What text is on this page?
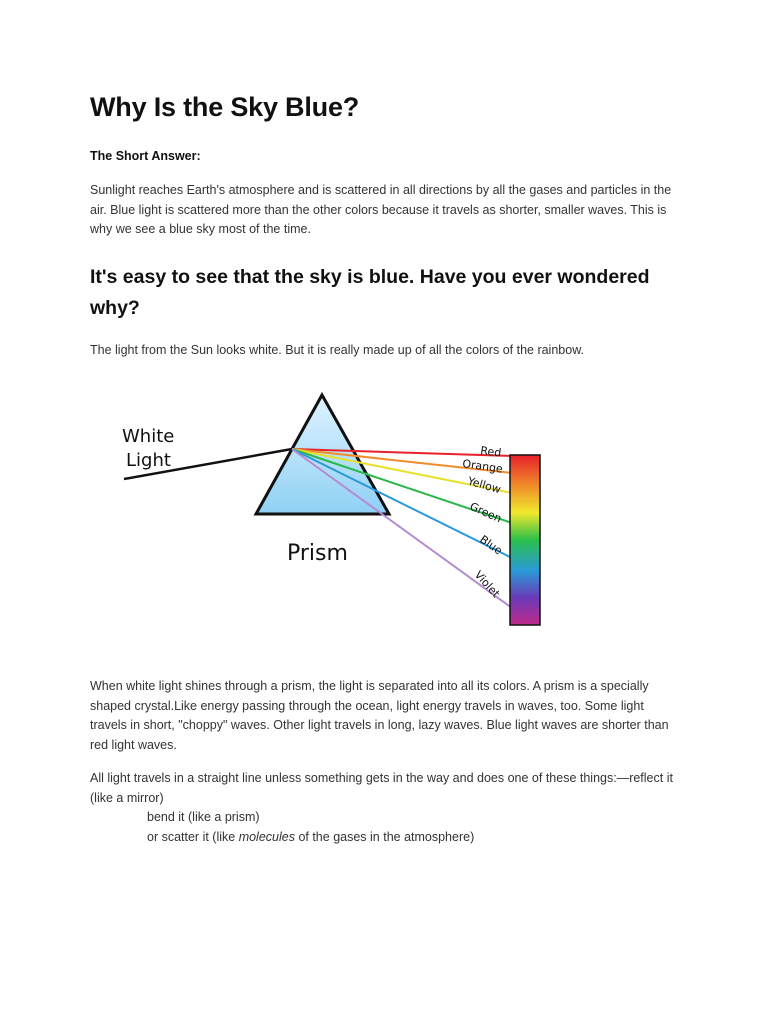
Why Is the Sky Blue?

The Short Answer:

Sunlight reaches Earth's atmosphere and is scattered in all directions by all the gases and particles in the air. Blue light is scattered more than the other colors because it travels as shorter, smaller waves. This is why we see a blue sky most of the time.

It's easy to see that the sky is blue. Have you ever wondered why?

The light from the Sun looks white. But it is really made up of all the colors of the rainbow.

White
Light	Red
Orange
Yellow
Green
Blue
Violet
Prism

When white light shines through a prism, the light is separated into all its colors. A prism is a specially shaped crystal.Like energy passing through the ocean, light energy travels in waves, too. Some light travels in short, "choppy" waves. Other light travels in long, lazy waves. Blue light waves are shorter than red light waves.

All light travels in a straight line unless something gets in the way and does one of these things:—reflect it (like a mirror)
bend it (like a prism)
or scatter it (like molecules of the gases in the atmosphere)
